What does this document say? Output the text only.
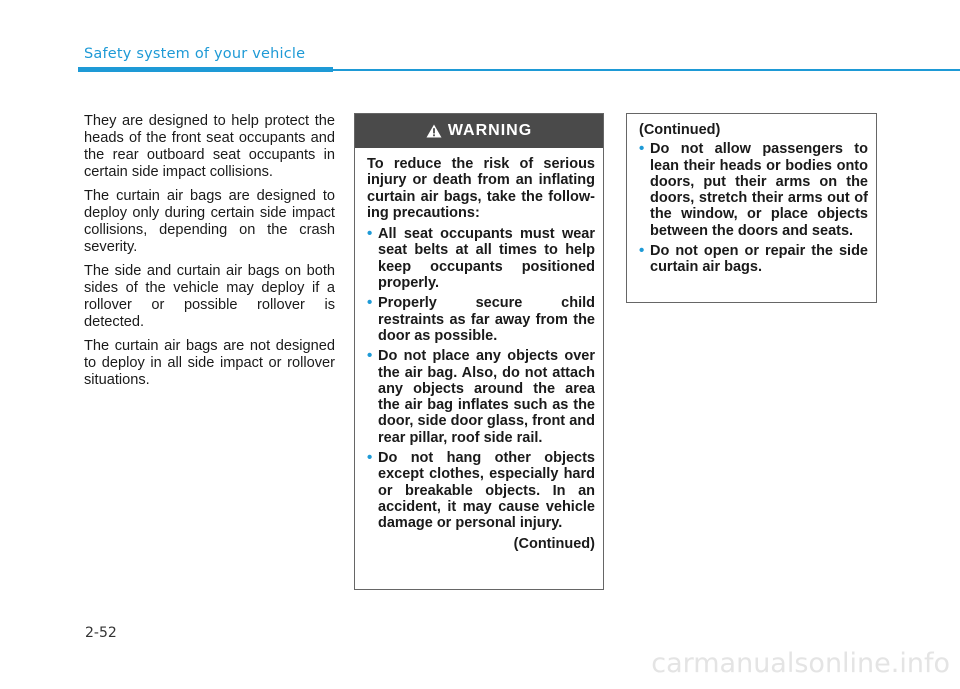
Safety system of your vehicle

They are designed to help protect the heads of the front seat occupants and the rear outboard seat occupants in certain side impact collisions.

The curtain air bags are designed to deploy only during certain side impact collisions, depending on the crash severity.

The side and curtain air bags on both sides of the vehicle may deploy if a rollover or possible rollover is detected.

The curtain air bags are not designed to deploy in all side impact or rollover situations.

WARNING

To reduce the risk of serious injury or death from an inflating curtain air bags, take the follow-ing precautions:

• All seat occupants must wear seat belts at all times to help keep occupants positioned properly.
• Properly secure child restraints as far away from the door as possible.
• Do not place any objects over the air bag. Also, do not attach any objects around the area the air bag inflates such as the door, side door glass, front and rear pillar, roof side rail.
• Do not hang other objects except clothes, especially hard or breakable objects. In an accident, it may cause vehicle damage or personal injury.
(Continued)
(Continued)
• Do not allow passengers to lean their heads or bodies onto doors, put their arms on the doors, stretch their arms out of the window, or place objects between the doors and seats.
• Do not open or repair the side curtain air bags.
2-52
carmanualsonline.info
